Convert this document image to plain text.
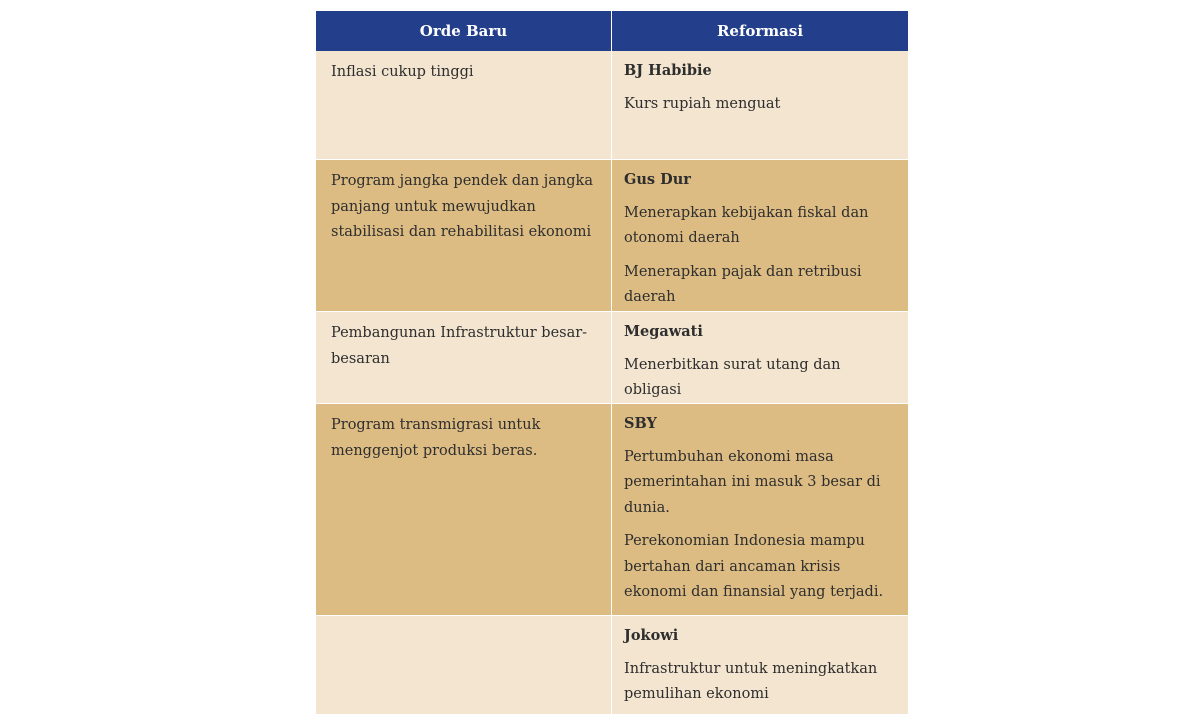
Orde Baru	Reformasi
Inflasi cukup tinggi	BJ Habibie
Kurs rupiah menguat
Program jangka pendek dan jangka panjang untuk mewujudkan stabilisasi dan rehabilitasi ekonomi
Gus Dur
Menerapkan kebijakan fiskal dan otonomi daerah
Menerapkan pajak dan retribusi daerah
Pembangunan Infrastruktur besar-besaran
Megawati
Menerbitkan surat utang dan obligasi
Program transmigrasi untuk menggenjot produksi beras.
SBY
Pertumbuhan ekonomi masa pemerintahan ini masuk 3 besar di dunia.
Perekonomian Indonesia mampu bertahan dari ancaman krisis ekonomi dan finansial yang terjadi.
Jokowi
Infrastruktur untuk meningkatkan pemulihan ekonomi
